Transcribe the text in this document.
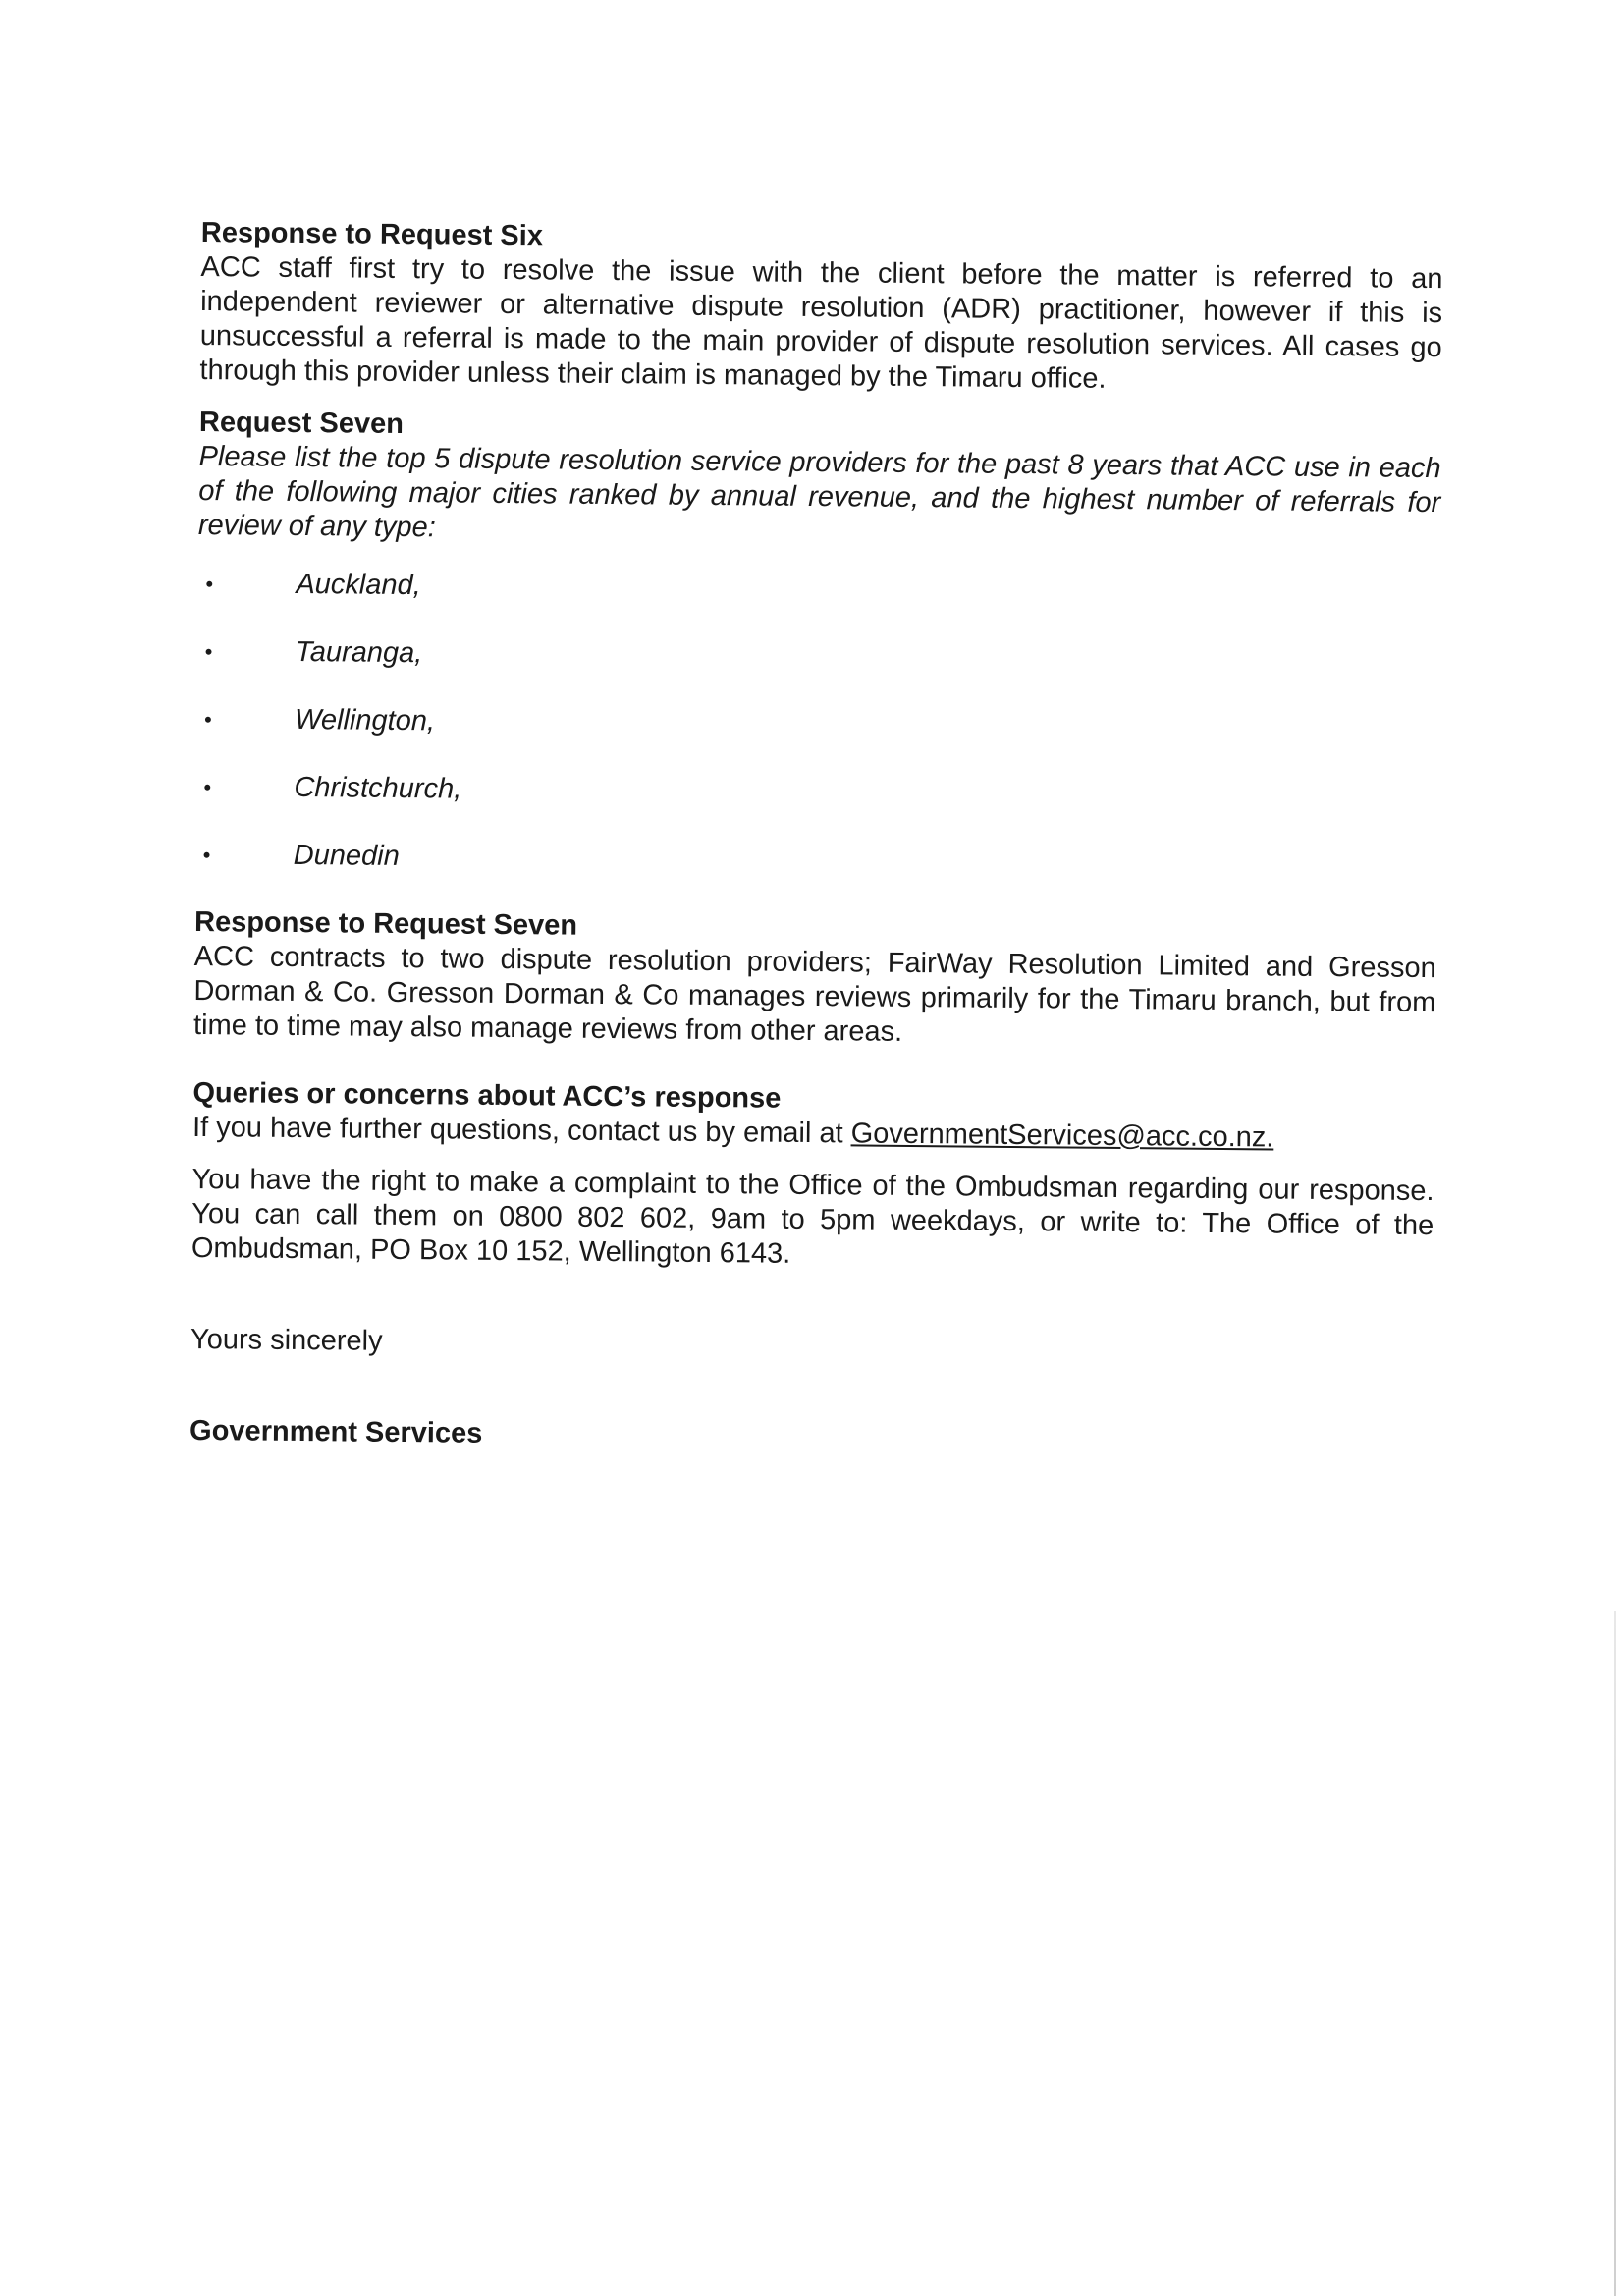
Response to Request Six

ACC staff first try to resolve the issue with the client before the matter is referred to an independent reviewer or alternative dispute resolution (ADR) practitioner, however if this is unsuccessful a referral is made to the main provider of dispute resolution services. All cases go through this provider unless their claim is managed by the Timaru office.

Request Seven

Please list the top 5 dispute resolution service providers for the past 8 years that ACC use in each of the following major cities ranked by annual revenue, and the highest number of referrals for review of any type:

•	Auckland,
•	Tauranga,
•	Wellington,
•	Christchurch,
•	Dunedin

Response to Request Seven

ACC contracts to two dispute resolution providers; FairWay Resolution Limited and Gresson Dorman & Co. Gresson Dorman & Co manages reviews primarily for the Timaru branch, but from time to time may also manage reviews from other areas.

Queries or concerns about ACC’s response

If you have further questions, contact us by email at GovernmentServices@acc.co.nz.

You have the right to make a complaint to the Office of the Ombudsman regarding our response. You can call them on 0800 802 602, 9am to 5pm weekdays, or write to: The Office of the Ombudsman, PO Box 10 152, Wellington 6143.

Yours sincerely

Government Services
